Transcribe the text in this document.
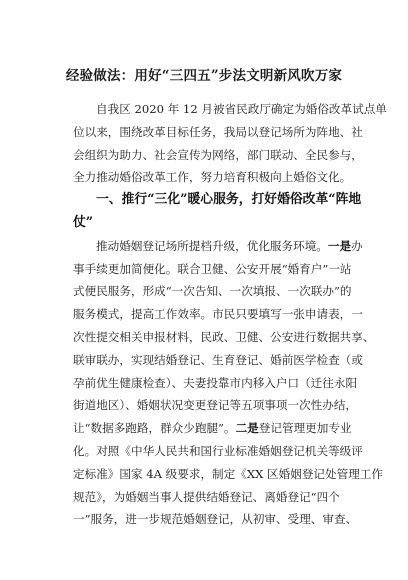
经验做法：用好“三四五”步法文明新风吹万家
自我区 2020 年 12 月被省民政厅确定为婚俗改革试点单
位以来，围绕改革目标任务，我局以登记场所为阵地、社
会组织为助力、社会宣传为网络，部门联动、全民参与，
全力推动婚俗改革工作，努力培育积极向上婚俗文化。
一、推行“三化”暖心服务，打好婚俗改革“阵地
仗”
推动婚姻登记场所提档升级，优化服务环境。一是办
事手续更加简便化。联合卫健、公安开展“婚育户”一站
式便民服务，形成“一次告知、一次填报、一次联办”的
服务模式，提高工作效率。市民只要填写一张申请表，一
次性提交相关申报材料，民政、卫健、公安进行数据共享、
联审联办，实现结婚登记、生育登记、婚前医学检查（或
孕前优生健康检查）、夫妻投靠市内移入户口（迁往永阳
街道地区）、婚姻状况变更登记等五项事项一次性办结，
让“数据多跑路，群众少跑腿”。二是登记管理更加专业
化。对照《中华人民共和国行业标准婚姻登记机关等级评
定标准》国家 4A 级要求，制定《XX 区婚姻登记处管理工作
规范》，为婚姻当事人提供结婚登记、离婚登记“四个
一”服务，进一步规范婚姻登记，从初审、受理、审查、
